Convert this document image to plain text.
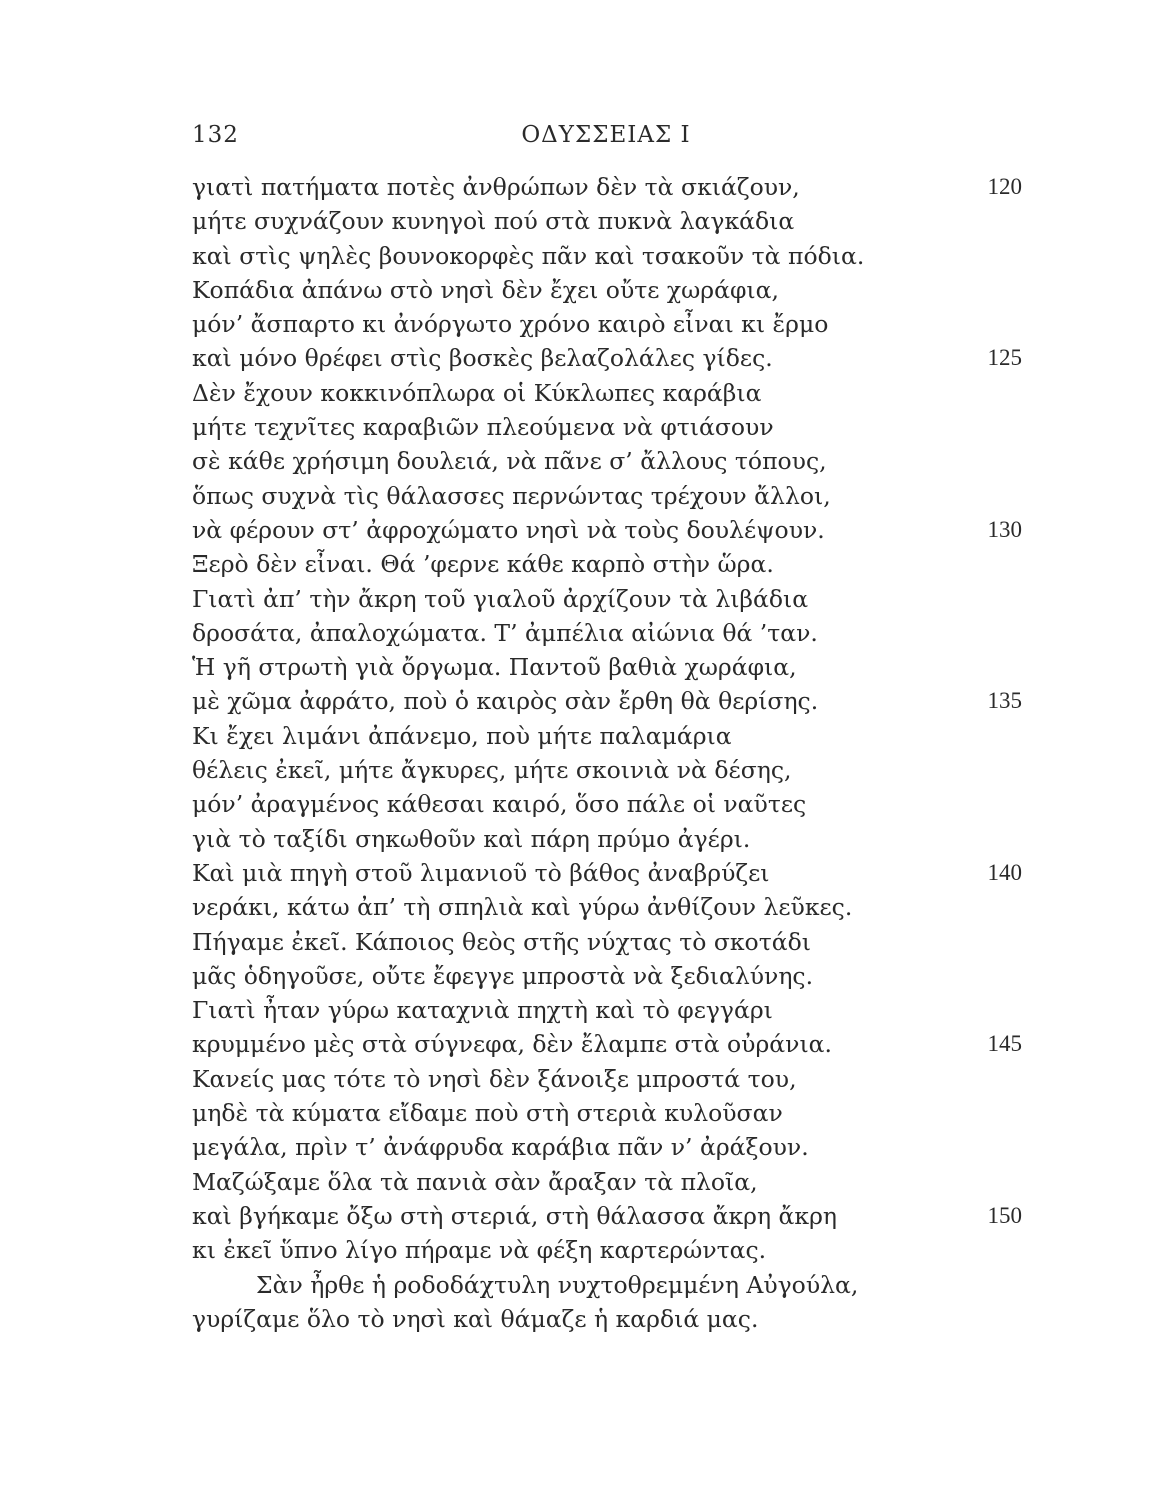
132	ΟΔΥΣΣΕΙΑΣ Ι
γιατὶ πατήματα ποτὲς ἀνθρώπων δὲν τὰ σκιάζουν,	120
μήτε συχνάζουν κυνηγοὶ πού στὰ πυκνὰ λαγκάδια
καὶ στὶς ψηλὲς βουνοκορφὲς πᾶν καὶ τσακοῦν τὰ πόδια.
Κοπάδια ἀπάνω στὸ νησὶ δὲν ἔχει οὔτε χωράφια,
μόν’ ἄσπαρτο κι ἀνόργωτο χρόνο καιρὸ εἶναι κι ἔρμο
καὶ μόνο θρέφει στὶς βοσκὲς βελαζολάλες γίδες.	125
Δὲν ἔχουν κοκκινόπλωρα οἱ Κύκλωπες καράβια
μήτε τεχνῖτες καραβιῶν πλεούμενα νὰ φτιάσουν
σὲ κάθε χρήσιμη δουλειά, νὰ πᾶνε σ’ ἄλλους τόπους,
ὅπως συχνὰ τὶς θάλασσες περνώντας τρέχουν ἄλλοι,
νὰ φέρουν στ’ ἀφροχώματο νησὶ νὰ τοὺς δουλέψουν.	130
Ξερὸ δὲν εἶναι. Θά ’φερνε κάθε καρπὸ στὴν ὥρα.
Γιατὶ ἀπ’ τὴν ἄκρη τοῦ γιαλοῦ ἀρχίζουν τὰ λιβάδια
δροσάτα, ἀπαλοχώματα. Τ’ ἀμπέλια αἰώνια θά ’ταν.
Ἡ γῆ στρωτὴ γιὰ ὄργωμα. Παντοῦ βαθιὰ χωράφια,
μὲ χῶμα ἀφράτο, ποὺ ὁ καιρὸς σὰν ἔρθη θὰ θερίσης.	135
Κι ἔχει λιμάνι ἀπάνεμο, ποὺ μήτε παλαμάρια
θέλεις ἐκεῖ, μήτε ἄγκυρες, μήτε σκοινιὰ νὰ δέσης,
μόν’ ἀραγμένος κάθεσαι καιρό, ὅσο πάλε οἱ ναῦτες
γιὰ τὸ ταξίδι σηκωθοῦν καὶ πάρη πρύμο ἀγέρι.
Καὶ μιὰ πηγὴ στοῦ λιμανιοῦ τὸ βάθος ἀναβρύζει	140
νεράκι, κάτω ἀπ’ τὴ σπηλιὰ καὶ γύρω ἀνθίζουν λεῦκες.
Πήγαμε ἐκεῖ. Κάποιος θεὸς στῆς νύχτας τὸ σκοτάδι
μᾶς ὁδηγοῦσε, οὔτε ἔφεγγε μπροστὰ νὰ ξεδιαλύνης.
Γιατὶ ἦταν γύρω καταχνιὰ πηχτὴ καὶ τὸ φεγγάρι
κρυμμένο μὲς στὰ σύγνεφα, δὲν ἔλαμπε στὰ οὐράνια.	145
Κανείς μας τότε τὸ νησὶ δὲν ξάνοιξε μπροστά του,
μηδὲ τὰ κύματα εἴδαμε ποὺ στὴ στεριὰ κυλοῦσαν
μεγάλα, πρὶν τ’ ἀνάφρυδα καράβια πᾶν ν’ ἀράξουν.
Μαζώξαμε ὅλα τὰ πανιὰ σὰν ἄραξαν τὰ πλοῖα,
καὶ βγήκαμε ὄξω στὴ στεριά, στὴ θάλασσα ἄκρη ἄκρη	150
κι ἐκεῖ ὕπνο λίγο πήραμε νὰ φέξη καρτερώντας.
Σὰν ἦρθε ἡ ροδοδάχτυλη νυχτοθρεμμένη Αὐγούλα,
γυρίζαμε ὅλο τὸ νησὶ καὶ θάμαζε ἡ καρδιά μας.
